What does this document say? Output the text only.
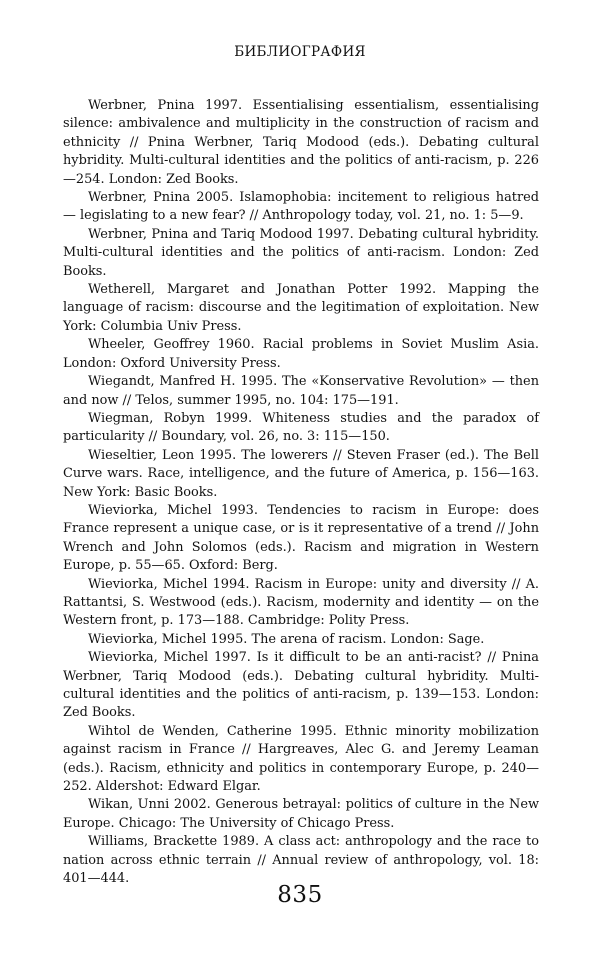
БИБЛИОГРАФИЯ
Werbner, Pnina 1997. Essentialising essentialism, essentialising silence: ambivalence and multiplicity in the construction of racism and ethnicity // Pnina Werbner, Tariq Modood (eds.). Debating cultural hybridity. Multi-cultural identities and the politics of anti-racism, p. 226—254. London: Zed Books.
Werbner, Pnina 2005. Islamophobia: incitement to religious hatred — legislating to a new fear? // Anthropology today, vol. 21, no. 1: 5—9.
Werbner, Pnina and Tariq Modood 1997. Debating cultural hybridity. Multi-cultural identities and the politics of anti-racism. London: Zed Books.
Wetherell, Margaret and Jonathan Potter 1992. Mapping the language of racism: discourse and the legitimation of exploitation. New York: Columbia Univ Press.
Wheeler, Geoffrey 1960. Racial problems in Soviet Muslim Asia. London: Oxford University Press.
Wiegandt, Manfred H. 1995. The «Konservative Revolution» — then and now // Telos, summer 1995, no. 104: 175—191.
Wiegman, Robyn 1999. Whiteness studies and the paradox of particularity // Boundary, vol. 26, no. 3: 115—150.
Wieseltier, Leon 1995. The lowerers // Steven Fraser (ed.). The Bell Curve wars. Race, intelligence, and the future of America, p. 156—163. New York: Basic Books.
Wieviorka, Michel 1993. Tendencies to racism in Europe: does France represent a unique case, or is it representative of a trend // John Wrench and John Solomos (eds.). Racism and migration in Western Europe, p. 55—65. Oxford: Berg.
Wieviorka, Michel 1994. Racism in Europe: unity and diversity // A. Rattantsi, S. Westwood (eds.). Racism, modernity and identity — on the Western front, p. 173—188. Cambridge: Polity Press.
Wieviorka, Michel 1995. The arena of racism. London: Sage.
Wieviorka, Michel 1997. Is it difficult to be an anti-racist? // Pnina Werbner, Tariq Modood (eds.). Debating cultural hybridity. Multi-cultural identities and the politics of anti-racism, p. 139—153. London: Zed Books.
Wihtol de Wenden, Catherine 1995. Ethnic minority mobilization against racism in France // Hargreaves, Alec G. and Jeremy Leaman (eds.). Racism, ethnicity and politics in contemporary Europe, p. 240—252. Aldershot: Edward Elgar.
Wikan, Unni 2002. Generous betrayal: politics of culture in the New Europe. Chicago: The University of Chicago Press.
Williams, Brackette 1989. A class act: anthropology and the race to nation across ethnic terrain // Annual review of anthropology, vol. 18: 401—444.
835
